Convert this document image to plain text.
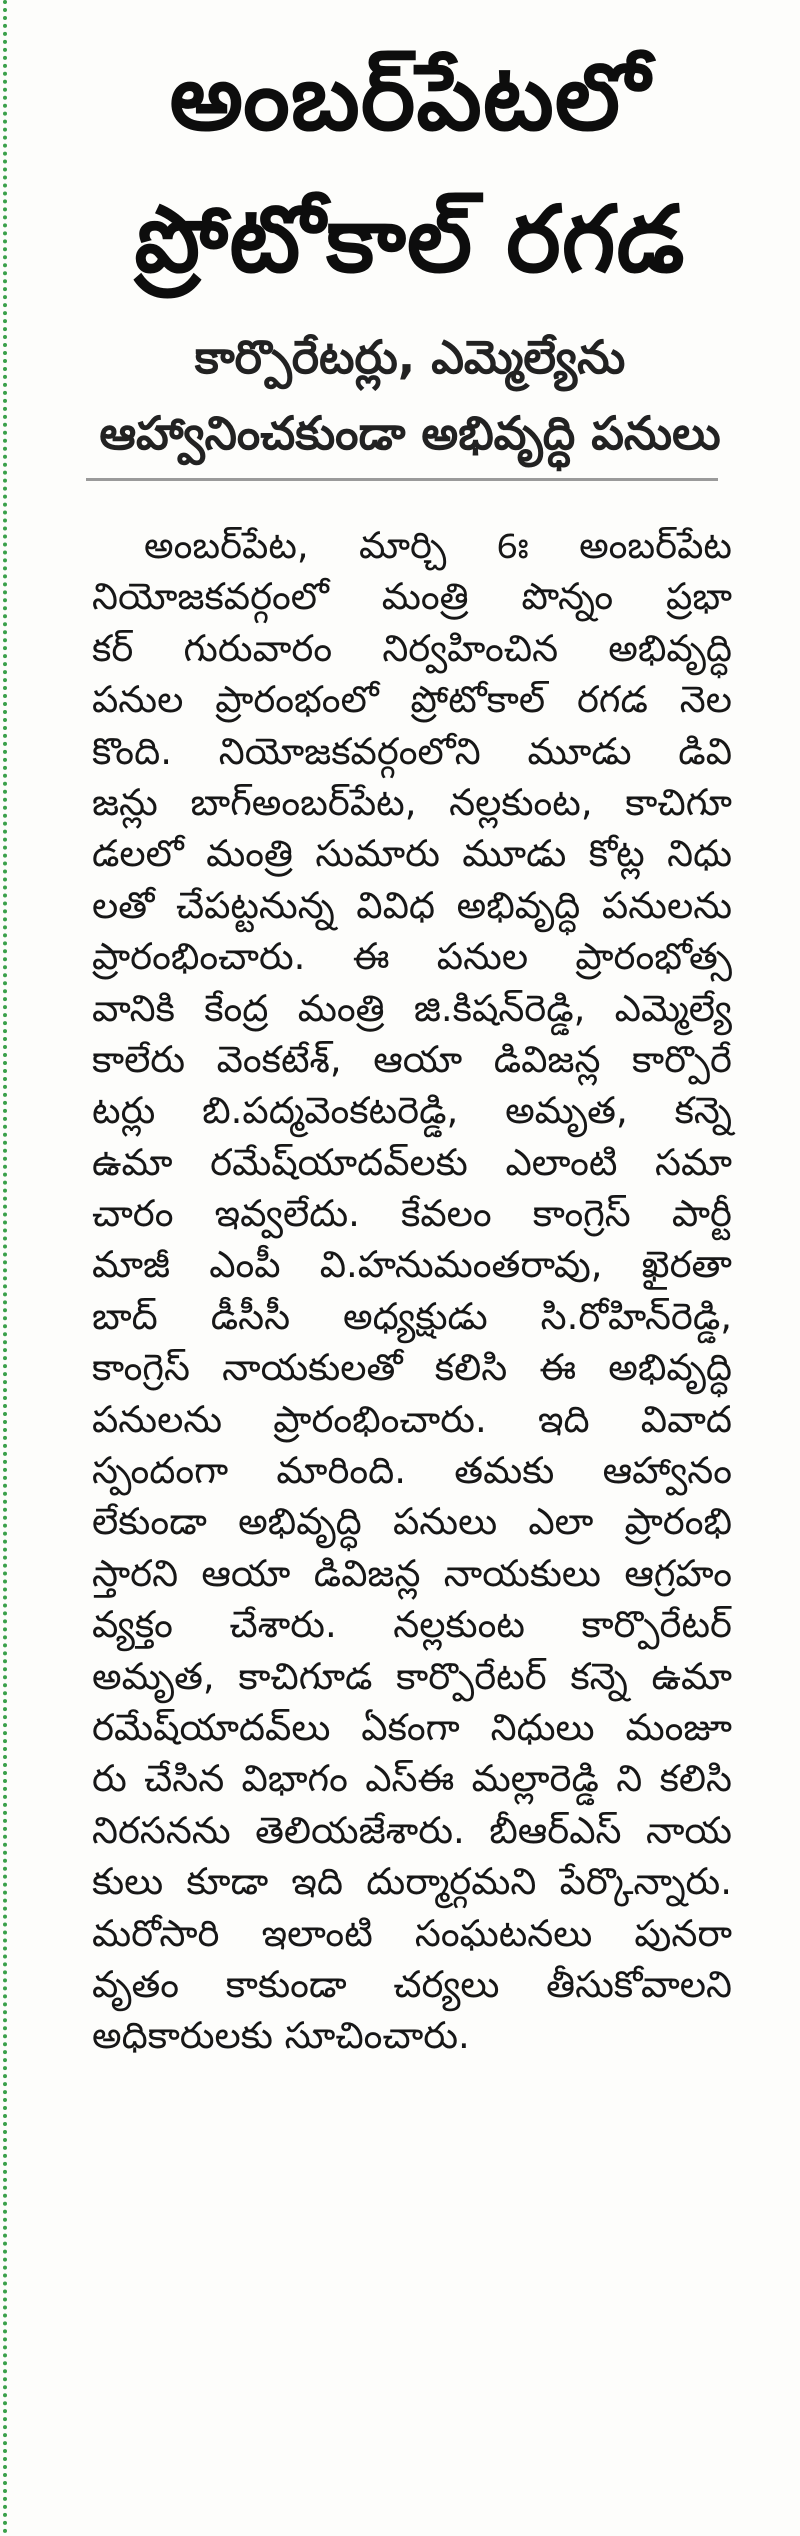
అంబర్‌పేటలో
ప్రోటోకాల్ రగడ
కార్పొరేటర్లు, ఎమ్మెల్యేను
ఆహ్వానించకుండా అభివృద్ధి పనులు
అంబర్‌పేట, మార్చి 6ః అంబర్‌పేట
నియోజకవర్గంలో మంత్రి పొన్నం ప్రభా
కర్ గురువారం నిర్వహించిన అభివృద్ధి
పనుల ప్రారంభంలో ప్రోటోకాల్ రగడ నెల
కొంది. నియోజకవర్గంలోని మూడు డివి
జన్లు బాగ్అంబర్‌పేట, నల్లకుంట, కాచిగూ
డలలో మంత్రి సుమారు మూడు కోట్ల నిధు
లతో చేపట్టనున్న వివిధ అభివృద్ధి పనులను
ప్రారంభించారు. ఈ పనుల ప్రారంభోత్స
వానికి కేంద్ర మంత్రి జి.కిషన్‌రెడ్డి, ఎమ్మెల్యే
కాలేరు వెంకటేశ్, ఆయా డివిజన్ల కార్పొరే
టర్లు బి.పద్మవెంకటరెడ్డి, అమృత, కన్నె
ఉమా రమేష్‌యాదవ్‌లకు ఎలాంటి సమా
చారం ఇవ్వలేదు. కేవలం కాంగ్రెస్ పార్టీ
మాజీ ఎంపీ వి.హనుమంతరావు, ఖైరతా
బాద్ డీసీసీ అధ్యక్షుడు సి.రోహిన్‌రెడ్డి,
కాంగ్రెస్ నాయకులతో కలిసి ఈ అభివృద్ధి
పనులను ప్రారంభించారు. ఇది వివాద
స్పందంగా మారింది. తమకు ఆహ్వానం
లేకుండా అభివృద్ధి పనులు ఎలా ప్రారంభి
స్తారని ఆయా డివిజన్ల నాయకులు ఆగ్రహం
వ్యక్తం చేశారు. నల్లకుంట కార్పొరేటర్
అమృత, కాచిగూడ కార్పొరేటర్ కన్నె ఉమా
రమేష్‌యాదవ్‌లు ఏకంగా నిధులు మంజూ
రు చేసిన విభాగం ఎస్ఈ మల్లారెడ్డి ని కలిసి
నిరసనను తెలియజేశారు. బీఆర్ఎస్ నాయ
కులు కూడా ఇది దుర్మార్గమని పేర్కొన్నారు.
మరోసారి ఇలాంటి సంఘటనలు పునరా
వృతం కాకుండా చర్యలు తీసుకోవాలని
అధికారులకు సూచించారు.
